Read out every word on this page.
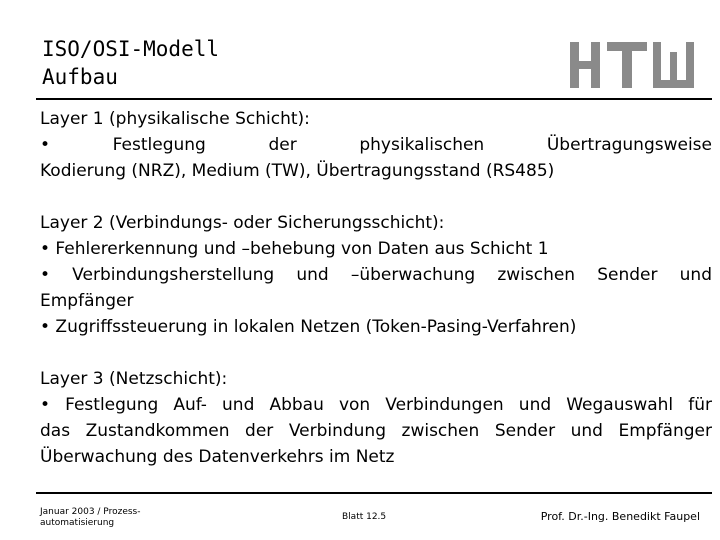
ISO/OSI-Modell
Aufbau
Layer 1 (physikalische Schicht):
• Festlegung der physikalischen Übertragungsweise
Kodierung (NRZ), Medium (TW), Übertragungsstand (RS485)
Layer 2 (Verbindungs- oder Sicherungsschicht):
• Fehlererkennung und –behebung von Daten aus Schicht 1
• Verbindungsherstellung und –überwachung zwischen Sender und
Empfänger
• Zugriffssteuerung in lokalen Netzen (Token-Pasing-Verfahren)
Layer 3 (Netzschicht):
• Festlegung Auf- und Abbau von Verbindungen und Wegauswahl für
das Zustandkommen der Verbindung zwischen Sender und Empfänger
Überwachung des Datenverkehrs im Netz
Januar 2003 / Prozess-
automatisierung
Blatt 12.5	Prof. Dr.-Ing. Benedikt Faupel
